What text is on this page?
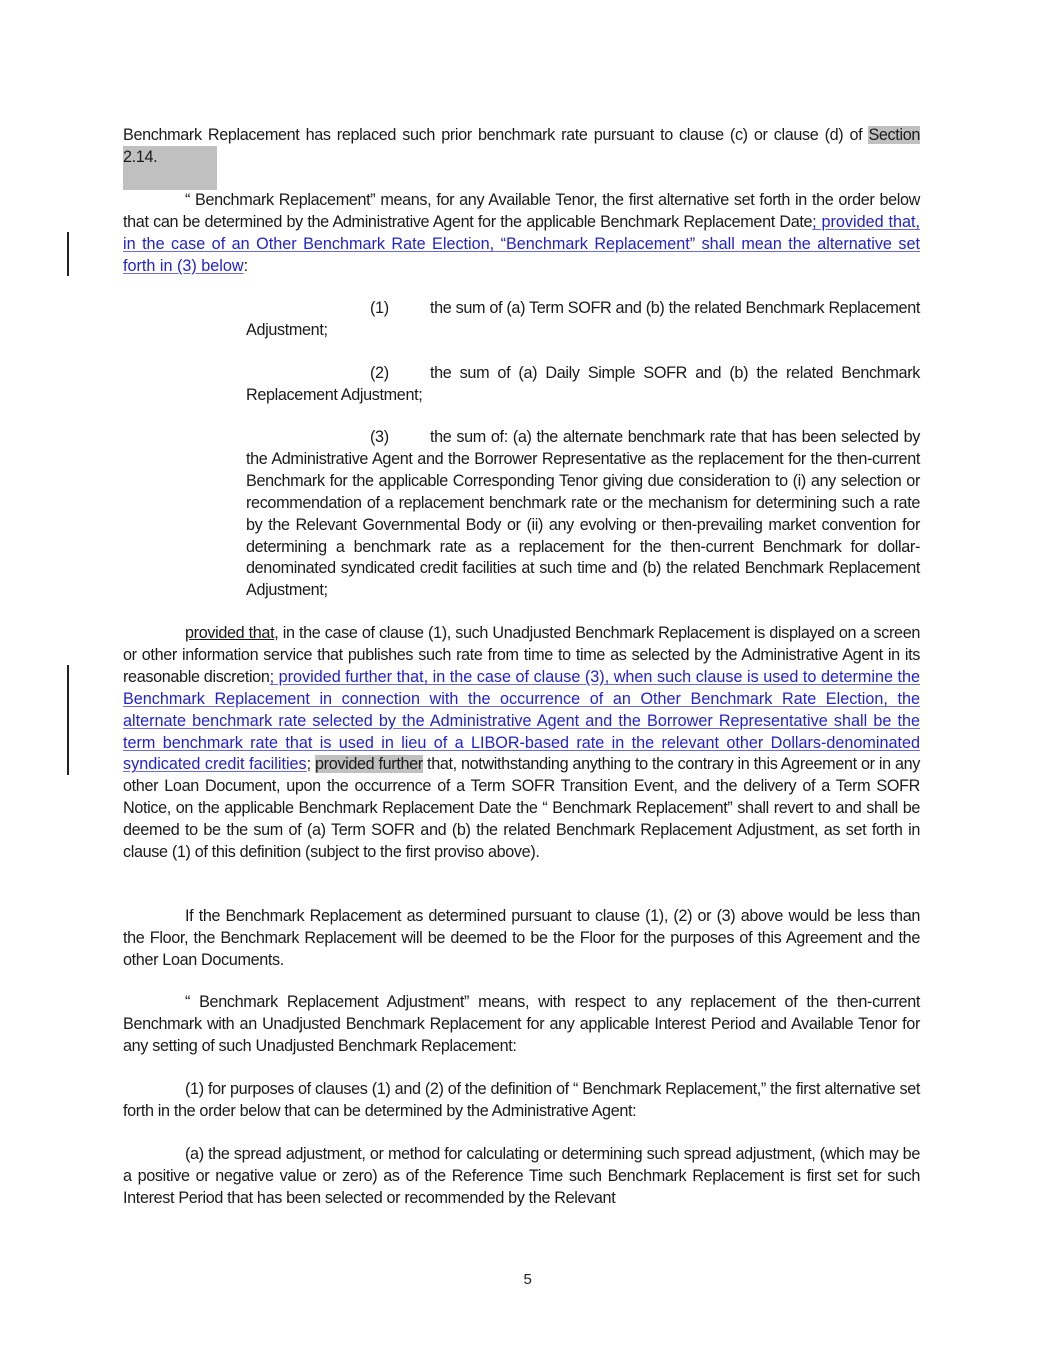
Benchmark Replacement has replaced such prior benchmark rate pursuant to clause (c) or clause (d) of Section 2.14.

“ Benchmark Replacement” means, for any Available Tenor, the first alternative set forth in the order below that can be determined by the Administrative Agent for the applicable Benchmark Replacement Date; provided that, in the case of an Other Benchmark Rate Election, “Benchmark Replacement” shall mean the alternative set forth in (3) below:

(1)	the sum of (a) Term SOFR and (b) the related Benchmark Replacement Adjustment;

(2)	the sum of (a) Daily Simple SOFR and (b) the related Benchmark Replacement Adjustment;

(3)	the sum of: (a) the alternate benchmark rate that has been selected by the Administrative Agent and the Borrower Representative as the replacement for the then-current Benchmark for the applicable Corresponding Tenor giving due consideration to (i) any selection or recommendation of a replacement benchmark rate or the mechanism for determining such a rate by the Relevant Governmental Body or (ii) any evolving or then-prevailing market convention for determining a benchmark rate as a replacement for the then-current Benchmark for dollar-denominated syndicated credit facilities at such time and (b) the related Benchmark Replacement Adjustment;

provided that, in the case of clause (1), such Unadjusted Benchmark Replacement is displayed on a screen or other information service that publishes such rate from time to time as selected by the Administrative Agent in its reasonable discretion; provided further that, in the case of clause (3), when such clause is used to determine the Benchmark Replacement in connection with the occurrence of an Other Benchmark Rate Election, the alternate benchmark rate selected by the Administrative Agent and the Borrower Representative shall be the term benchmark rate that is used in lieu of a LIBOR-based rate in the relevant other Dollars-denominated syndicated credit facilities; provided further that, notwithstanding anything to the contrary in this Agreement or in any other Loan Document, upon the occurrence of a Term SOFR Transition Event, and the delivery of a Term SOFR Notice, on the applicable Benchmark Replacement Date the “ Benchmark Replacement” shall revert to and shall be deemed to be the sum of (a) Term SOFR and (b) the related Benchmark Replacement Adjustment, as set forth in clause (1) of this definition (subject to the first proviso above).

If the Benchmark Replacement as determined pursuant to clause (1), (2) or (3) above would be less than the Floor, the Benchmark Replacement will be deemed to be the Floor for the purposes of this Agreement and the other Loan Documents.

“ Benchmark Replacement Adjustment” means, with respect to any replacement of the then-current Benchmark with an Unadjusted Benchmark Replacement for any applicable Interest Period and Available Tenor for any setting of such Unadjusted Benchmark Replacement:

(1) for purposes of clauses (1) and (2) of the definition of “ Benchmark Replacement,” the first alternative set forth in the order below that can be determined by the Administrative Agent:

(a) the spread adjustment, or method for calculating or determining such spread adjustment, (which may be a positive or negative value or zero) as of the Reference Time such Benchmark Replacement is first set for such Interest Period that has been selected or recommended by the Relevant

5
